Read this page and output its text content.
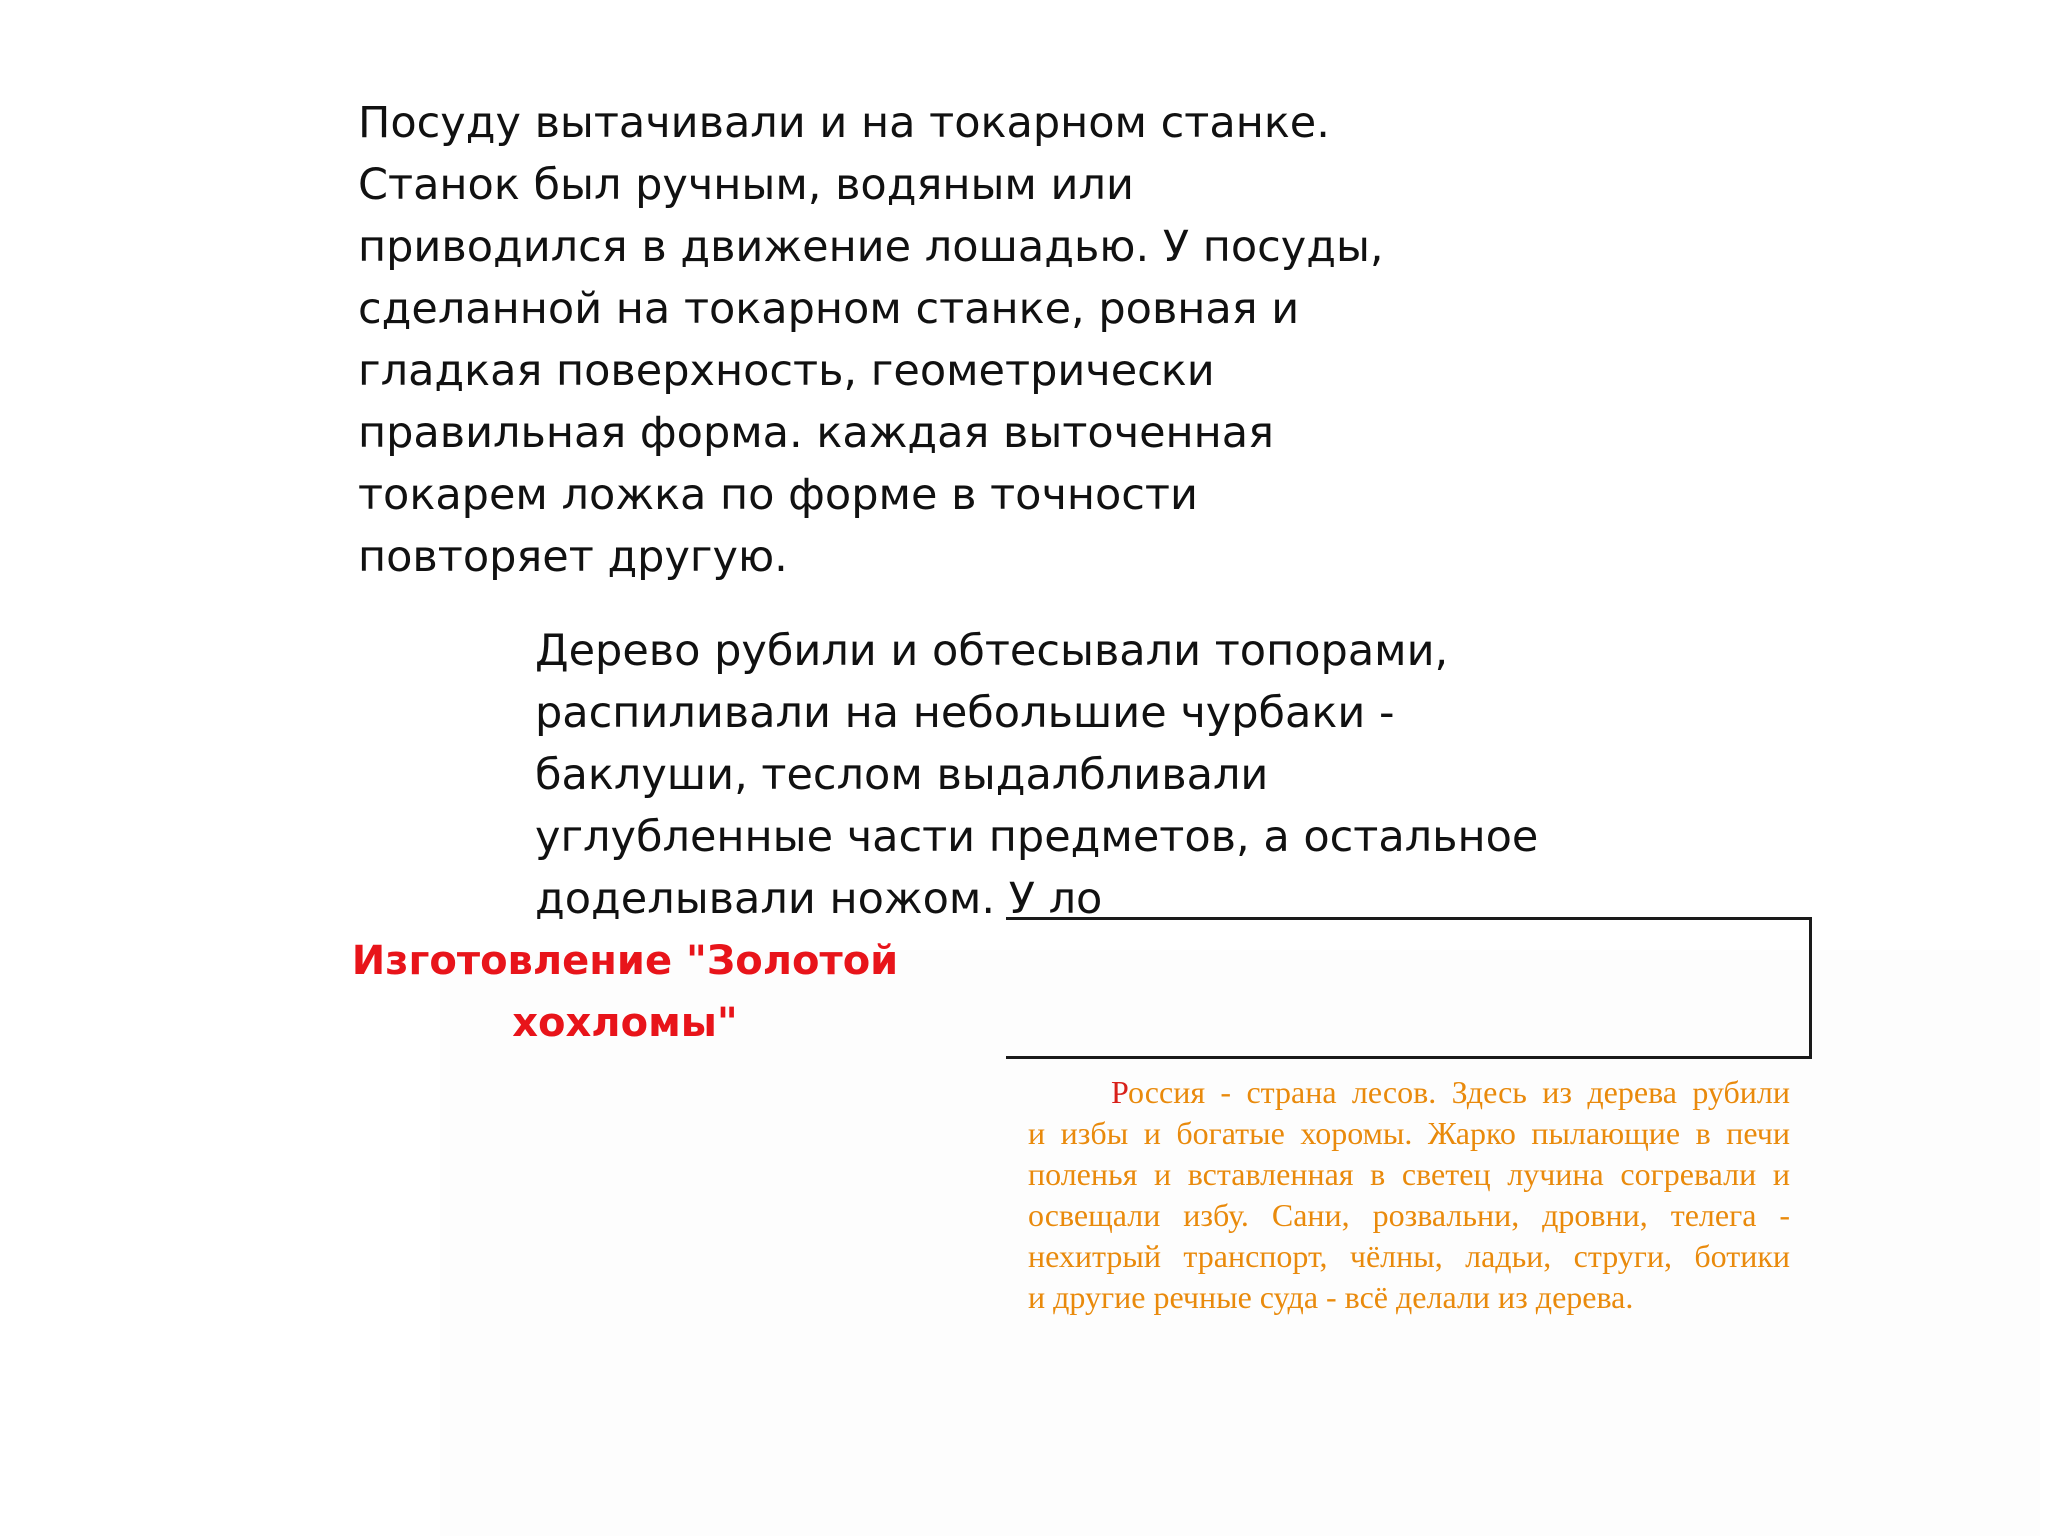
Посуду вытачивали и на токарном станке.
Станок был ручным, водяным или
приводился в движение лошадью. У посуды,
сделанной на токарном станке, ровная и
гладкая поверхность, геометрически
правильная форма. каждая выточенная
токарем ложка по форме в точности
повторяет другую.
Дерево рубили и обтесывали топорами,
распиливали на небольшие чурбаки -
баклуши, теслом выдалбливали
углубленные части предметов, а остальное
доделывали ножом. У ло
Изготовление "Золотой
хохломы"
Россия - страна лесов. Здесь из дерева рубили
и избы и богатые хоромы. Жарко пылающие в печи
поленья и вставленная в светец лучина согревали и
освещали избу. Сани, розвальни, дровни, телега -
нехитрый транспорт, чёлны, ладьи, струги, ботики
и другие речные суда - всё делали из дерева.
